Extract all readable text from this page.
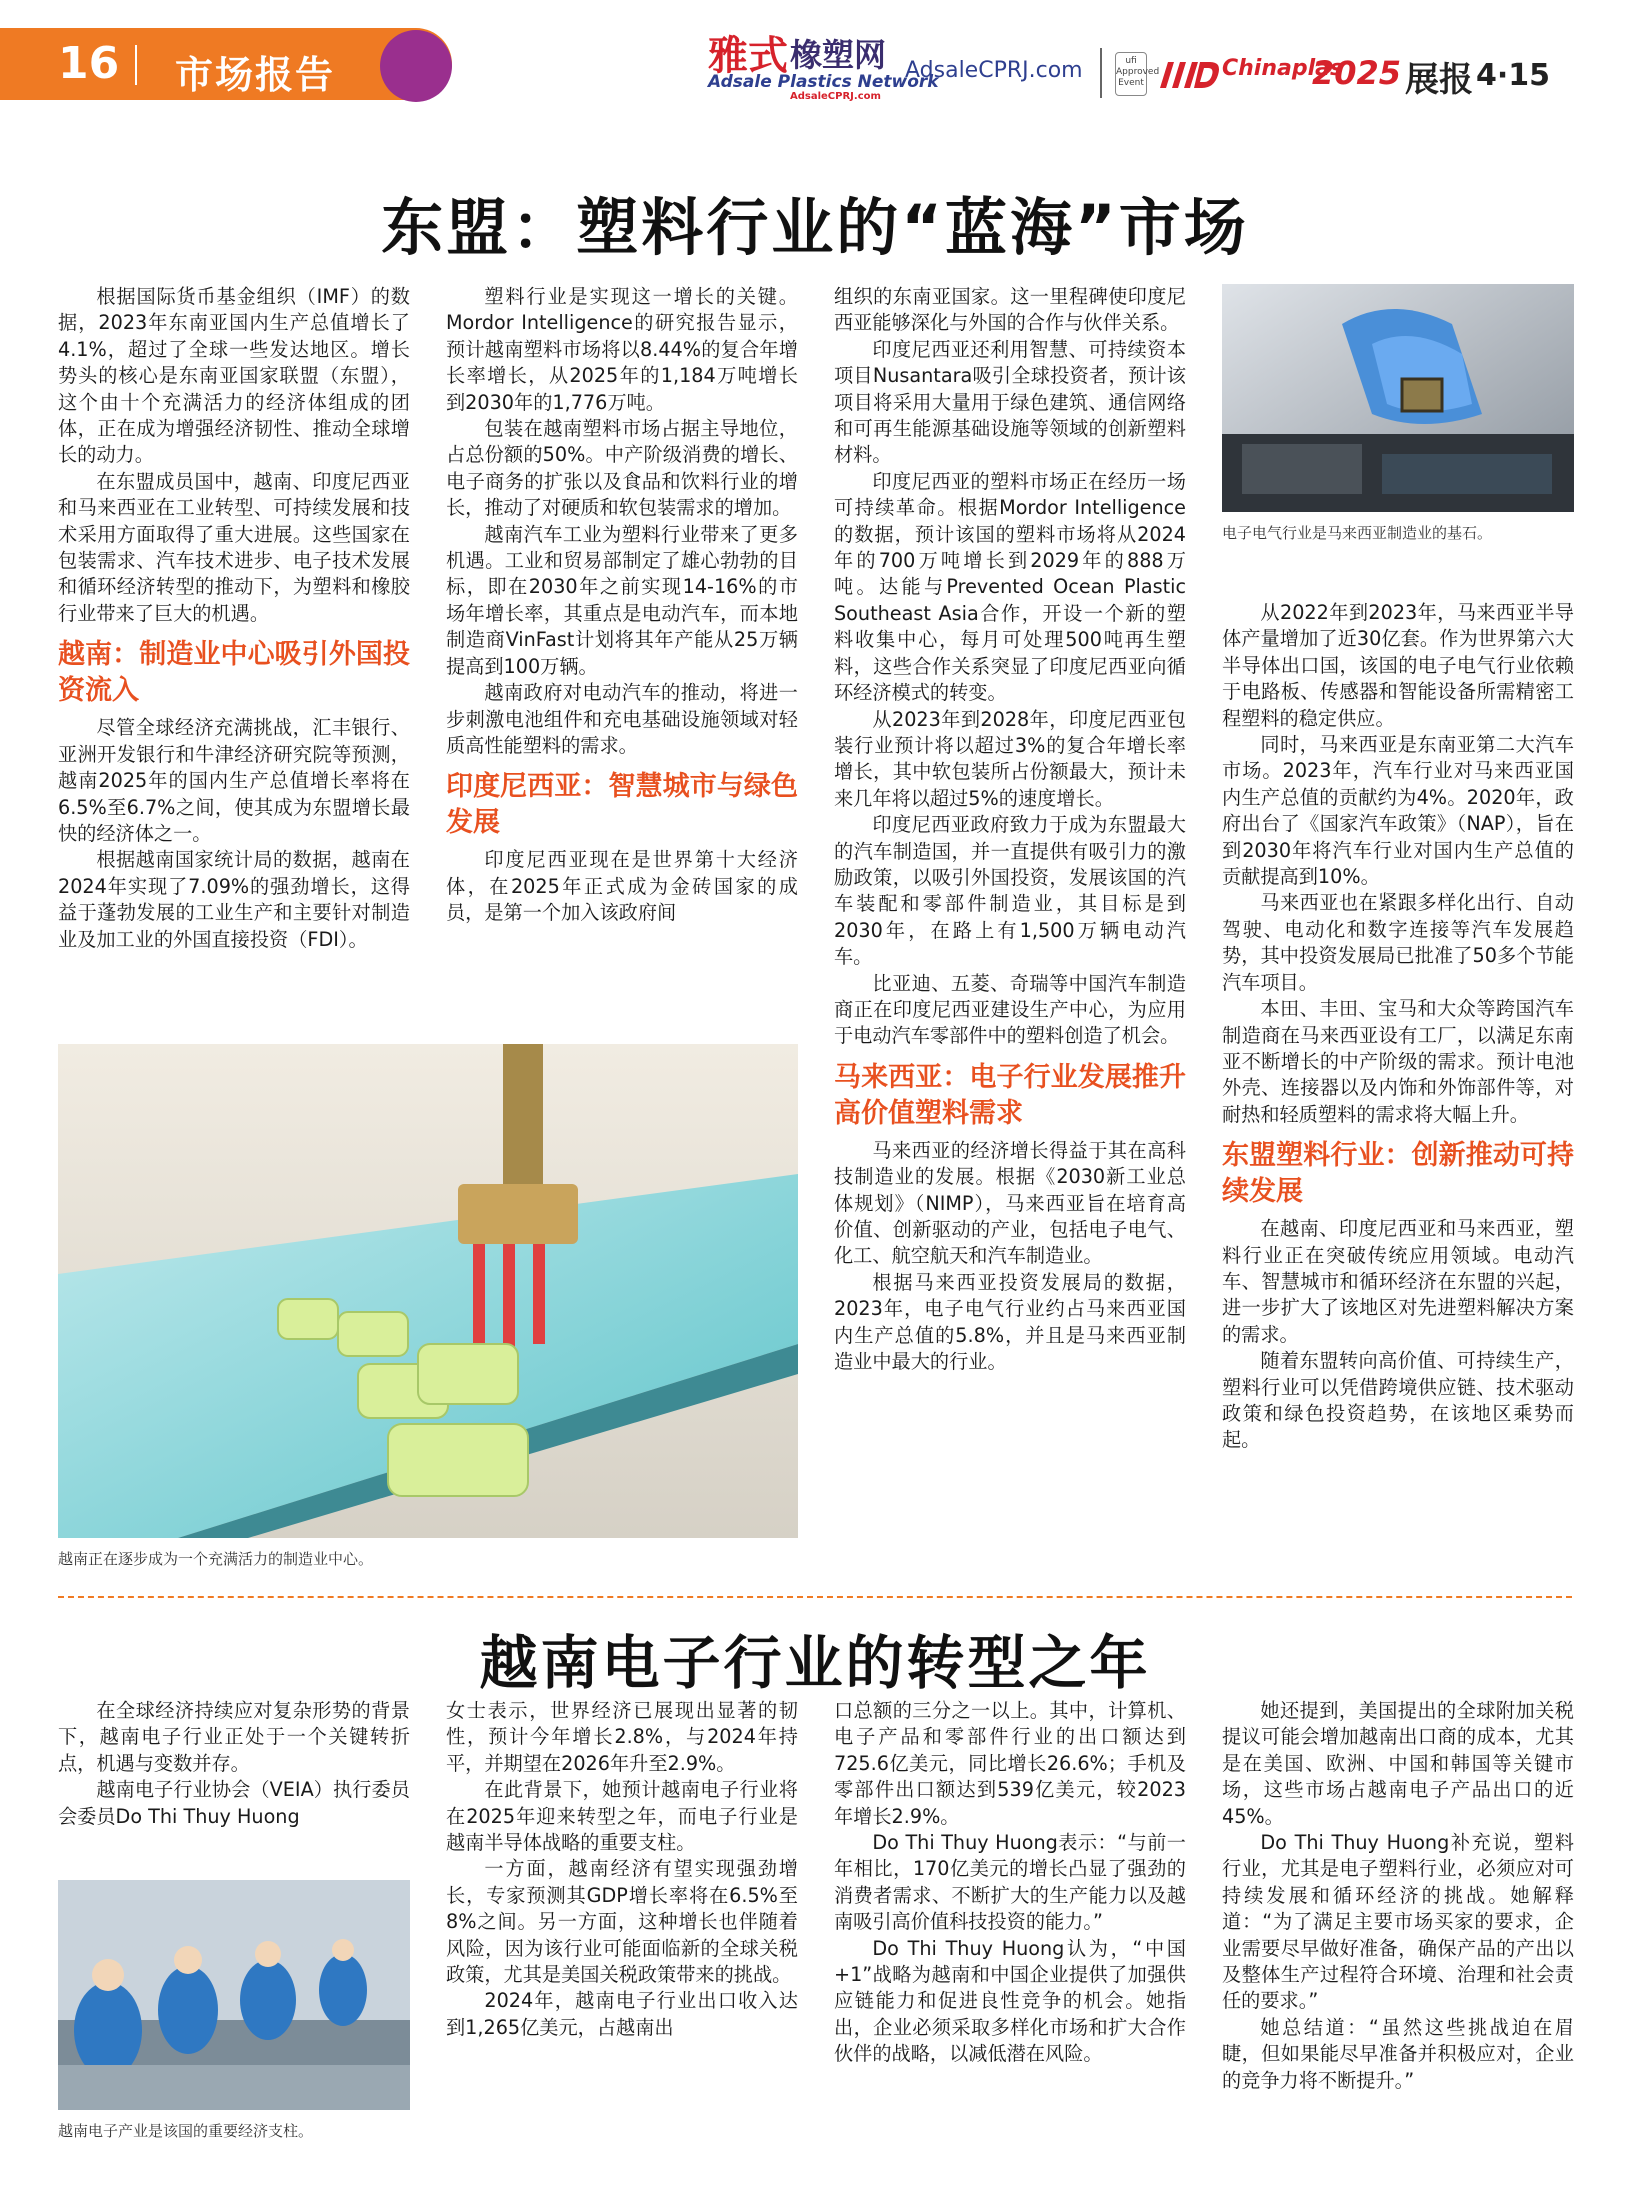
16 市场报告	雅式 橡塑网
Adsale Plastics Network
AdsaleCPRJ.com
AdsaleCPRJ.com	ufi Approved Event
Chinaplas
2025 展报 4·15
东盟：塑料行业的“蓝海”市场

根据国际货币基金组织（IMF）的数据，2023年东南亚国内生产总值增长了4.1%，超过了全球一些发达地区。增长势头的核心是东南亚国家联盟（东盟），这个由十个充满活力的经济体组成的团体，正在成为增强经济韧性、推动全球增长的动力。

在东盟成员国中，越南、印度尼西亚和马来西亚在工业转型、可持续发展和技术采用方面取得了重大进展。这些国家在包装需求、汽车技术进步、电子技术发展和循环经济转型的推动下，为塑料和橡胶行业带来了巨大的机遇。

越南：制造业中心吸引外国投资流入

尽管全球经济充满挑战，汇丰银行、亚洲开发银行和牛津经济研究院等预测，越南2025年的国内生产总值增长率将在6.5%至6.7%之间，使其成为东盟增长最快的经济体之一。

根据越南国家统计局的数据，越南在2024年实现了7.09%的强劲增长，这得益于蓬勃发展的工业生产和主要针对制造业及加工业的外国直接投资（FDI）。

塑料行业是实现这一增长的关键。Mordor Intelligence的研究报告显示，预计越南塑料市场将以8.44%的复合年增长率增长，从2025年的1,184万吨增长到2030年的1,776万吨。

包装在越南塑料市场占据主导地位，占总份额的50%。中产阶级消费的增长、电子商务的扩张以及食品和饮料行业的增长，推动了对硬质和软包装需求的增加。

越南汽车工业为塑料行业带来了更多机遇。工业和贸易部制定了雄心勃勃的目标，即在2030年之前实现14-16%的市场年增长率，其重点是电动汽车，而本地制造商VinFast计划将其年产能从25万辆提高到100万辆。

越南政府对电动汽车的推动，将进一步刺激电池组件和充电基础设施领域对轻质高性能塑料的需求。

印度尼西亚：智慧城市与绿色发展

印度尼西亚现在是世界第十大经济体，在2025年正式成为金砖国家的成员，是第一个加入该政府间

组织的东南亚国家。这一里程碑使印度尼西亚能够深化与外国的合作与伙伴关系。

印度尼西亚还利用智慧、可持续资本项目Nusantara吸引全球投资者，预计该项目将采用大量用于绿色建筑、通信网络和可再生能源基础设施等领域的创新塑料材料。

印度尼西亚的塑料市场正在经历一场可持续革命。根据Mordor Intelligence的数据，预计该国的塑料市场将从2024年的700万吨增长到2029年的888万吨。达能与Prevented Ocean Plastic Southeast Asia合作，开设一个新的塑料收集中心，每月可处理500吨再生塑料，这些合作关系突显了印度尼西亚向循环经济模式的转变。

从2023年到2028年，印度尼西亚包装行业预计将以超过3%的复合年增长率增长，其中软包装所占份额最大，预计未来几年将以超过5%的速度增长。

印度尼西亚政府致力于成为东盟最大的汽车制造国，并一直提供有吸引力的激励政策，以吸引外国投资，发展该国的汽车装配和零部件制造业，其目标是到2030年，在路上有1,500万辆电动汽车。

比亚迪、五菱、奇瑞等中国汽车制造商正在印度尼西亚建设生产中心，为应用于电动汽车零部件中的塑料创造了机会。

马来西亚：电子行业发展推升高价值塑料需求

马来西亚的经济增长得益于其在高科技制造业的发展。根据《2030新工业总体规划》（NIMP），马来西亚旨在培育高价值、创新驱动的产业，包括电子电气、化工、航空航天和汽车制造业。

根据马来西亚投资发展局的数据，2023年，电子电气行业约占马来西亚国内生产总值的5.8%，并且是马来西亚制造业中最大的行业。

电子电气行业是马来西亚制造业的基石。

从2022年到2023年，马来西亚半导体产量增加了近30亿套。作为世界第六大半导体出口国，该国的电子电气行业依赖于电路板、传感器和智能设备所需精密工程塑料的稳定供应。

同时，马来西亚是东南亚第二大汽车市场。2023年，汽车行业对马来西亚国内生产总值的贡献约为4%。2020年，政府出台了《国家汽车政策》（NAP），旨在到2030年将汽车行业对国内生产总值的贡献提高到10%。

马来西亚也在紧跟多样化出行、自动驾驶、电动化和数字连接等汽车发展趋势，其中投资发展局已批准了50多个节能汽车项目。

本田、丰田、宝马和大众等跨国汽车制造商在马来西亚设有工厂，以满足东南亚不断增长的中产阶级的需求。预计电池外壳、连接器以及内饰和外饰部件等，对耐热和轻质塑料的需求将大幅上升。

东盟塑料行业：创新推动可持续发展

在越南、印度尼西亚和马来西亚，塑料行业正在突破传统应用领域。电动汽车、智慧城市和循环经济在东盟的兴起，进一步扩大了该地区对先进塑料解决方案的需求。

随着东盟转向高价值、可持续生产，塑料行业可以凭借跨境供应链、技术驱动政策和绿色投资趋势，在该地区乘势而起。

越南正在逐步成为一个充满活力的制造业中心。
越南电子行业的转型之年

在全球经济持续应对复杂形势的背景下，越南电子行业正处于一个关键转折点，机遇与变数并存。

越南电子行业协会（VEIA）执行委员会委员Do Thi Thuy Huong

越南电子产业是该国的重要经济支柱。

女士表示，世界经济已展现出显著的韧性，预计今年增长2.8%，与2024年持平，并期望在2026年升至2.9%。

在此背景下，她预计越南电子行业将在2025年迎来转型之年，而电子行业是越南半导体战略的重要支柱。

一方面，越南经济有望实现强劲增长，专家预测其GDP增长率将在6.5%至8%之间。另一方面，这种增长也伴随着风险，因为该行业可能面临新的全球关税政策，尤其是美国关税政策带来的挑战。

2024年，越南电子行业出口收入达到1,265亿美元，占越南出

口总额的三分之一以上。其中，计算机、电子产品和零部件行业的出口额达到725.6亿美元，同比增长26.6%；手机及零部件出口额达到539亿美元，较2023年增长2.9%。

Do Thi Thuy Huong表示：“与前一年相比，170亿美元的增长凸显了强劲的消费者需求、不断扩大的生产能力以及越南吸引高价值科技投资的能力。”

Do Thi Thuy Huong认为，“中国+1”战略为越南和中国企业提供了加强供应链能力和促进良性竞争的机会。她指出，企业必须采取多样化市场和扩大合作伙伴的战略，以减低潜在风险。

她还提到，美国提出的全球附加关税提议可能会增加越南出口商的成本，尤其是在美国、欧洲、中国和韩国等关键市场，这些市场占越南电子产品出口的近45%。

Do Thi Thuy Huong补充说，塑料行业，尤其是电子塑料行业，必须应对可持续发展和循环经济的挑战。她解释道：“为了满足主要市场买家的要求，企业需要尽早做好准备，确保产品的产出以及整体生产过程符合环境、治理和社会责任的要求。”

她总结道：“虽然这些挑战迫在眉睫，但如果能尽早准备并积极应对，企业的竞争力将不断提升。”
